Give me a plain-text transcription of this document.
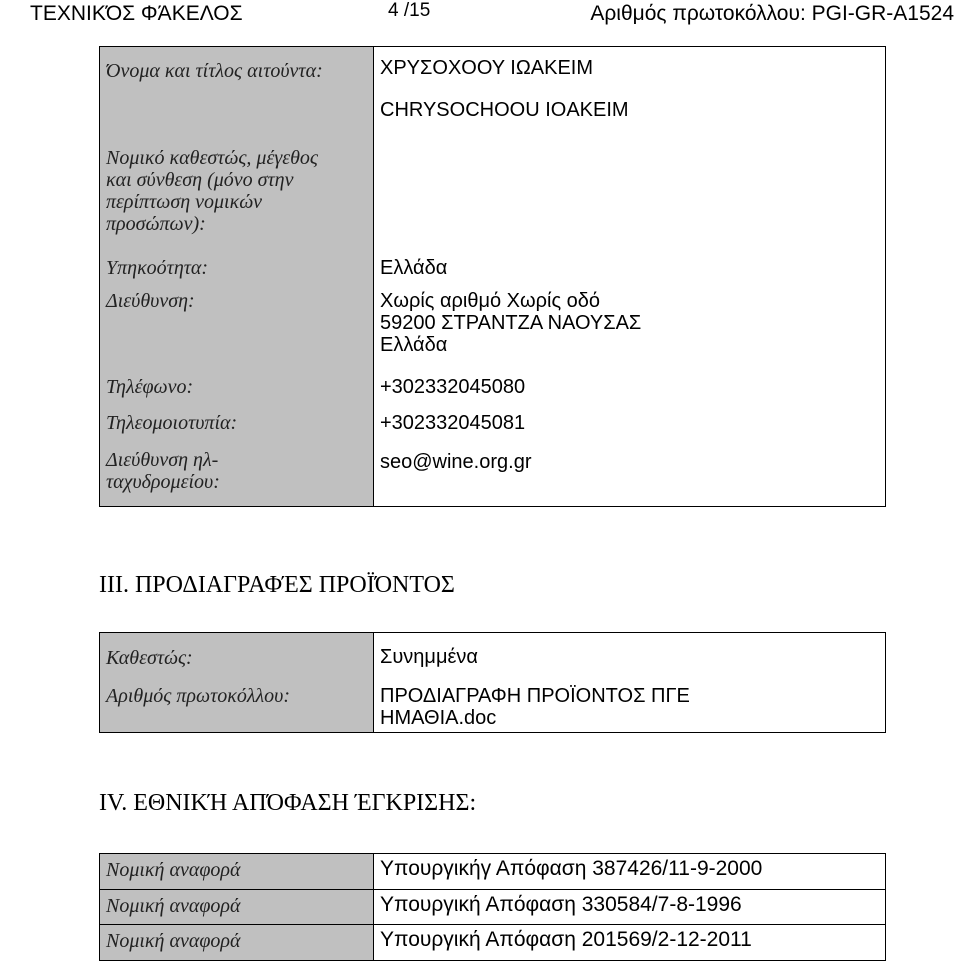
ΤΕΧΝΙΚΌΣ ΦΆΚΕΛΟΣ	4 /15	Αριθμός πρωτοκόλλου: PGI-GR-A1524
Όνομα και τίτλος αιτούντα:	ΧΡΥΣΟΧΟΟΥ ΙΩΑΚΕΙΜ
CHRYSOCHOOU IOAKEIM

Νομικό καθεστώς, μέγεθος και σύνθεση (μόνο στην περίπτωση νομικών προσώπων):	
Υπηκοότητα:	Ελλάδα
Διεύθυνση:	Χωρίς αριθμό Χωρίς οδό
59200 ΣΤΡΑΝΤΖΑ ΝΑΟΥΣΑΣ
Ελλάδα

Τηλέφωνο:	+302332045080
Τηλεομοιοτυπία:	+302332045081
Διεύθυνση ηλ-ταχυδρομείου:	seo@wine.org.gr
III. ΠΡΟΔΙΑΓΡΑΦΈΣ ΠΡΟΪΌΝΤΟΣ
Καθεστώς:	Συνημμένα
Αριθμός πρωτοκόλλου:	ΠΡΟΔΙΑΓΡΑΦΗ ΠΡΟΪΟΝΤΟΣ ΠΓΕ ΗΜΑΘΙΑ.doc
IV. ΕΘΝΙΚΉ ΑΠΌΦΑΣΗ ΈΓΚΡΙΣΗΣ:
Νομική αναφορά	Υπουργικήγ Απόφαση 387426/11-9-2000
Νομική αναφορά	Υπουργική Απόφαση 330584/7-8-1996
Νομική αναφορά	Υπουργική Απόφαση 201569/2-12-2011
